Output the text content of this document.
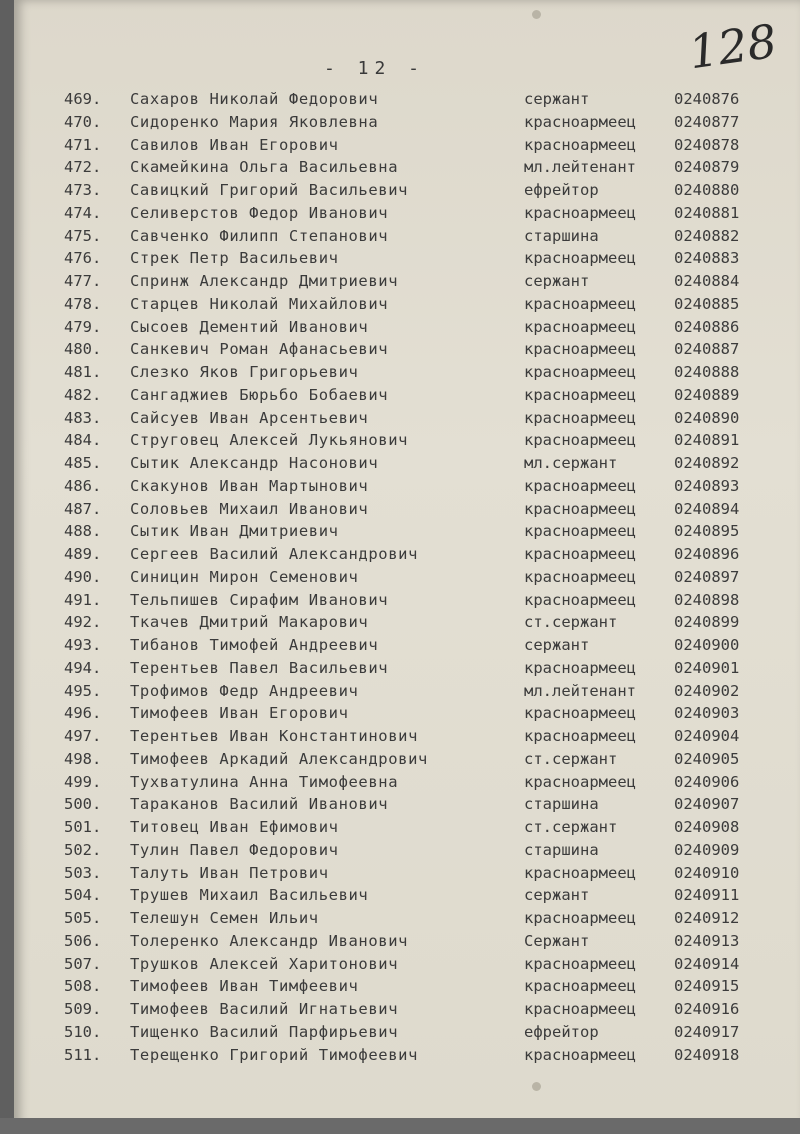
- 12 -	128
469.	Сахаров Николай Федорович	сержант	0240876
470.	Сидоренко Мария Яковлевна	красноармеец 0240877
471.	Савилов Иван Егорович	красноармеец 0240878
472.	Скамейкина Ольга Васильевна	мл.лейтенант 0240879
473.	Савицкий Григорий Васильевич	ефрейтор	0240880
474.	Селиверстов Федор Иванович	красноармеец 0240881
475.	Савченко Филипп Степанович	старшина	0240882
476.	Стрек Петр Васильевич	красноармеец 0240883
477.	Спринж Александр Дмитриевич	сержант	0240884
478.	Старцев Николай Михайлович	красноармеец 0240885
479.	Сысоев Дементий Иванович	красноармеец 0240886
480.	Санкевич Роман Афанасьевич	красноармеец 0240887
481.	Слезко Яков Григорьевич	красноармеец 0240888
482.	Сангаджиев Бюрьбо Бобаевич	красноармеец 0240889
483.	Сайсуев Иван Арсентьевич	красноармеец 0240890
484.	Струговец Алексей Лукьянович	красноармеец 0240891
485.	Сытик Александр Насонович	мл.сержант	0240892
486.	Скакунов Иван Мартынович	красноармеец 0240893
487.	Соловьев Михаил Иванович	красноармеец 0240894
488.	Сытик Иван Дмитриевич	красноармеец 0240895
489.	Сергеев Василий Александрович	красноармеец 0240896
490.	Синицин Мирон Семенович	красноармеец 0240897
491.	Тельпишев Сирафим Иванович	красноармеец 0240898
492.	Ткачев Дмитрий Макарович	ст.сержант	0240899
493.	Тибанов Тимофей Андреевич	сержант	0240900
494.	Терентьев Павел Васильевич	красноармеец 0240901
495.	Трофимов Федр Андреевич	мл.лейтенант 0240902
496.	Тимофеев Иван Егорович	красноармеец 0240903
497.	Терентьев Иван Константинович	красноармеец 0240904
498.	Тимофеев Аркадий Александрович	ст.сержант	0240905
499.	Тухватулина Анна Тимофеевна	красноармеец 0240906
500.	Тараканов Василий Иванович	старшина	0240907
501.	Титовец Иван Ефимович	ст.сержант	0240908
502.	Тулин Павел Федорович	старшина	0240909
503.	Талуть Иван Петрович	красноармеец 0240910
504.	Трушев Михаил Васильевич	сержант	0240911
505.	Телешун Семен Ильич	красноармеец 0240912
506.	Толеренко Александр Иванович	Сержант	0240913
507.	Трушков Алексей Харитонович	красноармеец 0240914
508.	Тимофеев Иван Тимфеевич	красноармеец 0240915
509.	Тимофеев Василий Игнатьевич	красноармеец 0240916
510.	Тищенко Василий Парфирьевич	ефрейтор	0240917
511.	Терещенко Григорий Тимофеевич	красноармеец 0240918
